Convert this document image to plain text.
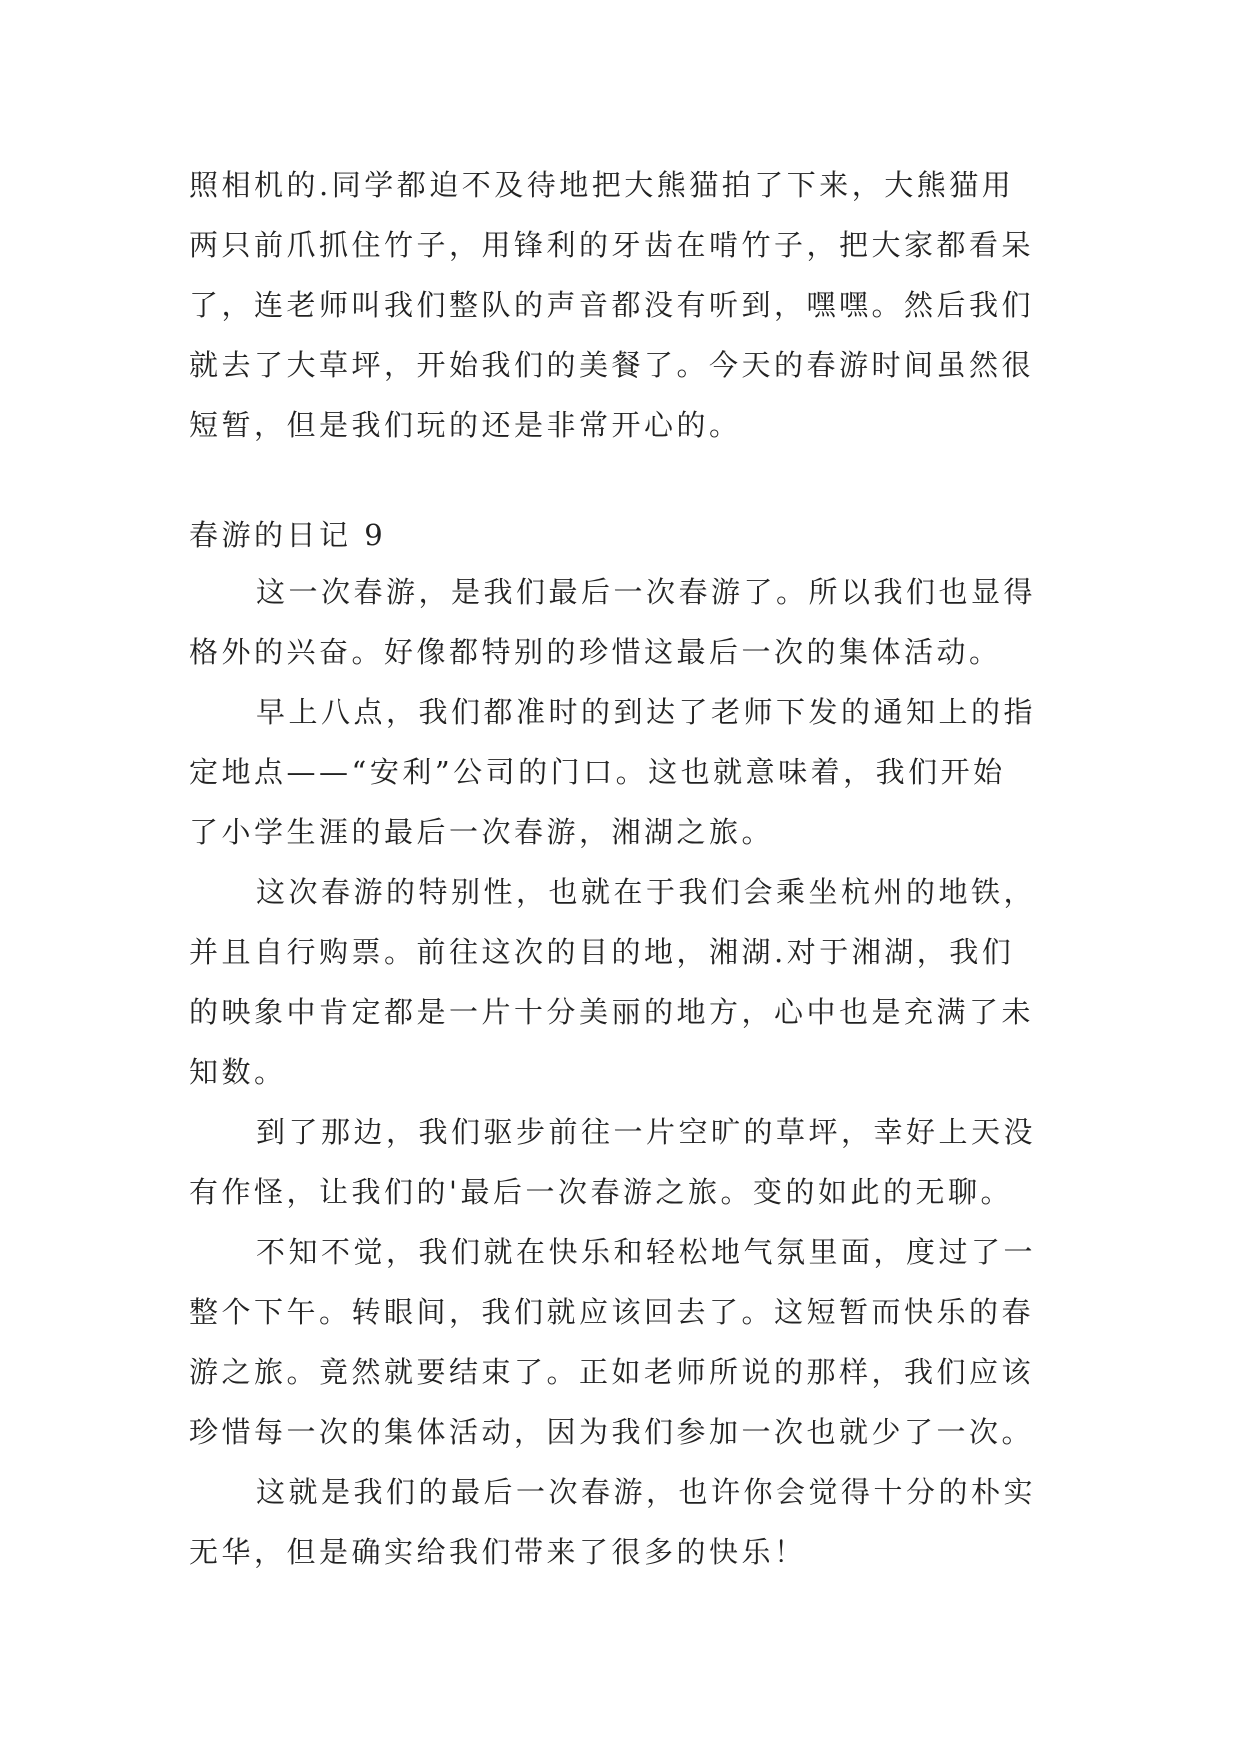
照相机的.同学都迫不及待地把大熊猫拍了下来，大熊猫用
两只前爪抓住竹子，用锋利的牙齿在啃竹子，把大家都看呆
了，连老师叫我们整队的声音都没有听到，嘿嘿。然后我们
就去了大草坪，开始我们的美餐了。今天的春游时间虽然很
短暂，但是我们玩的还是非常开心的。
春游的日记 9
这一次春游，是我们最后一次春游了。所以我们也显得
格外的兴奋。好像都特别的珍惜这最后一次的集体活动。
早上八点，我们都准时的到达了老师下发的通知上的指
定地点——“安利”公司的门口。这也就意味着，我们开始
了小学生涯的最后一次春游，湘湖之旅。
这次春游的特别性，也就在于我们会乘坐杭州的地铁，
并且自行购票。前往这次的目的地，湘湖.对于湘湖，我们
的映象中肯定都是一片十分美丽的地方，心中也是充满了未
知数。
到了那边，我们驱步前往一片空旷的草坪，幸好上天没
有作怪，让我们的'最后一次春游之旅。变的如此的无聊。
不知不觉，我们就在快乐和轻松地气氛里面，度过了一
整个下午。转眼间，我们就应该回去了。这短暂而快乐的春
游之旅。竟然就要结束了。正如老师所说的那样，我们应该
珍惜每一次的集体活动，因为我们参加一次也就少了一次。
这就是我们的最后一次春游，也许你会觉得十分的朴实
无华，但是确实给我们带来了很多的快乐！
